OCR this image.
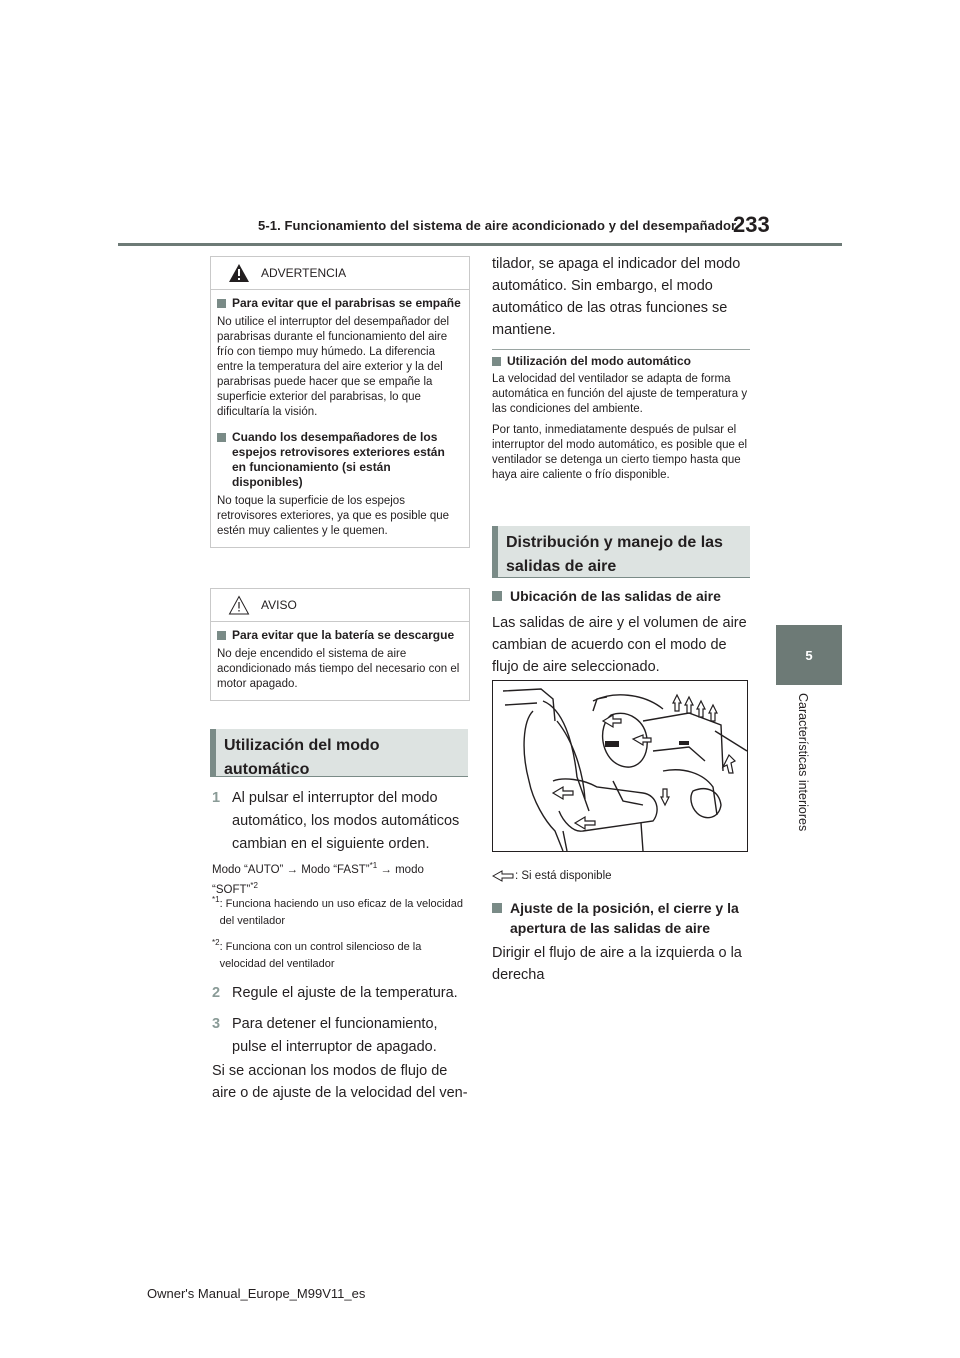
5-1. Funcionamiento del sistema de aire acondicionado y del desempañador
233
5
Características interiores
ADVERTENCIA
Para evitar que el parabrisas se empañe
No utilice el interruptor del desempañador del parabrisas durante el funcionamiento del aire frío con tiempo muy húmedo. La diferencia entre la temperatura del aire exterior y la del parabrisas puede hacer que se empañe la superficie exterior del parabrisas, lo que dificultaría la visión.
Cuando los desempañadores de los espejos retrovisores exteriores están en funcionamiento (si están disponibles)
No toque la superficie de los espejos retrovisores exteriores, ya que es posible que estén muy calientes y le quemen.
AVISO
Para evitar que la batería se descargue
No deje encendido el sistema de aire acondicionado más tiempo del necesario con el motor apagado.
Utilización del modo automático
1 Al pulsar el interruptor del modo automático, los modos automáticos cambian en el siguiente orden.
Modo “AUTO” → Modo “FAST”$^{*1}$ → modo “SOFT”$^{*2}$
*1 : Funciona haciendo un uso eficaz de la velocidad del ventilador
*2 : Funciona con un control silencioso de la velocidad del ventilador
2 Regule el ajuste de la temperatura.
3 Para detener el funcionamiento, pulse el interruptor de apagado.
Si se accionan los modos de flujo de aire o de ajuste de la velocidad del ven-
tilador, se apaga el indicador del modo automático. Sin embargo, el modo automático de las otras funciones se mantiene.
Utilización del modo automático
La velocidad del ventilador se adapta de forma automática en función del ajuste de temperatura y las condiciones del ambiente.
Por tanto, inmediatamente después de pulsar el interruptor del modo automático, es posible que el ventilador se detenga un cierto tiempo hasta que haya aire caliente o frío disponible.
Distribución y manejo de las salidas de aire
Ubicación de las salidas de aire
Las salidas de aire y el volumen de aire cambian de acuerdo con el modo de flujo de aire seleccionado.
: Si está disponible
Ajuste de la posición, el cierre y la apertura de las salidas de aire
Dirigir el flujo de aire a la izquierda o la derecha
Owner's Manual_Europe_M99V11_es
